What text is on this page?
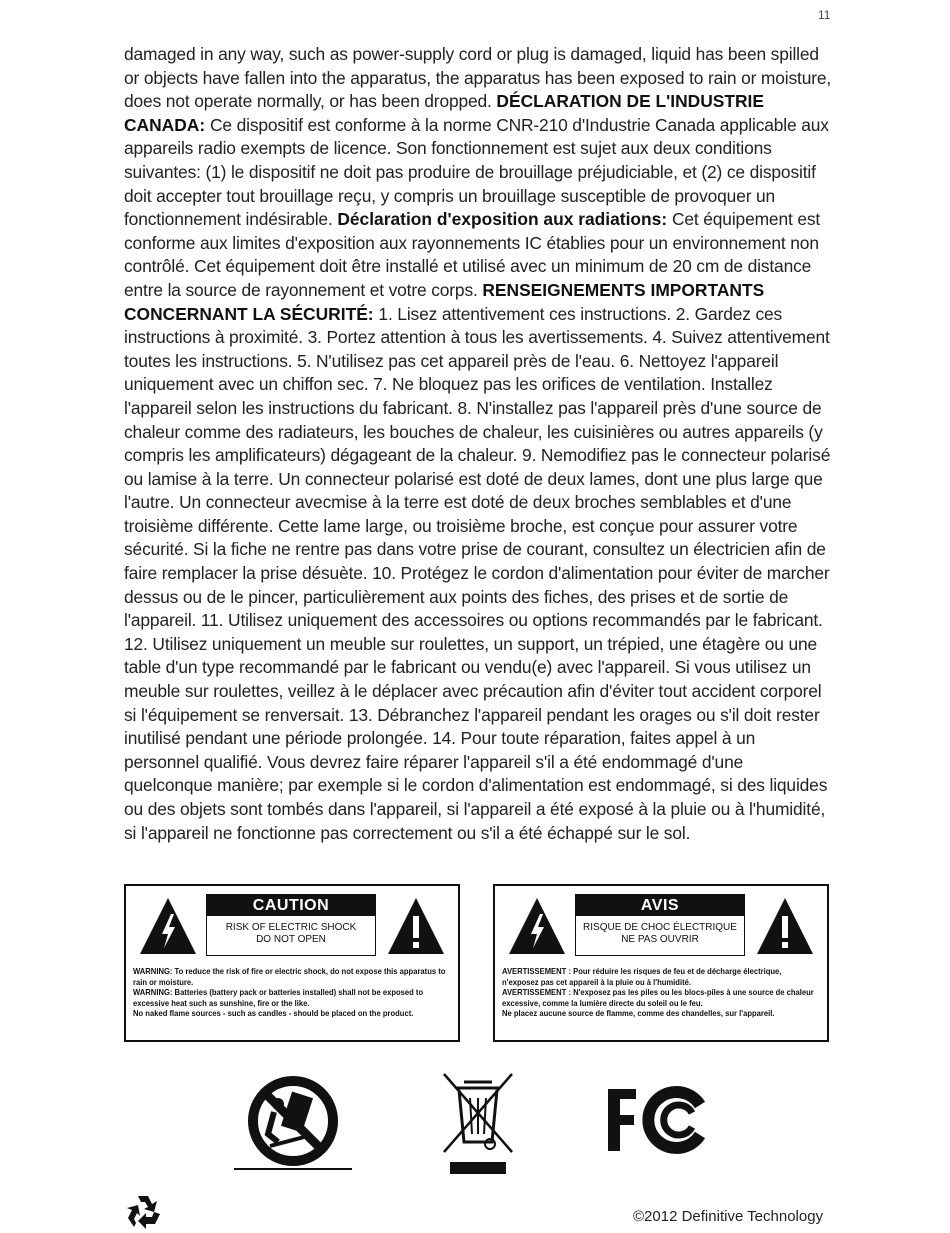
11
damaged in any way, such as power-supply cord or plug is damaged, liquid has been spilled or objects have fallen into the apparatus, the apparatus has been exposed to rain or moisture, does not operate normally, or has been dropped. DÉCLARATION DE L'INDUSTRIE CANADA: Ce dispositif est conforme à la norme CNR-210 d'Industrie Canada applicable aux appareils radio exempts de licence. Son fonctionnement est sujet aux deux conditions suivantes: (1) le dispositif ne doit pas produire de brouillage préjudiciable, et (2) ce dispositif doit accepter tout brouillage reçu, y compris un brouillage susceptible de provoquer un fonctionnement indésirable. Déclaration d'exposition aux radiations: Cet équipement est conforme aux limites d'exposition aux rayonnements IC établies pour un environnement non contrôlé. Cet équipement doit être installé et utilisé avec un minimum de 20 cm de distance entre la source de rayonnement et votre corps. RENSEIGNEMENTS IMPORTANTS CONCERNANT LA SÉCURITÉ: 1. Lisez attentivement ces instructions. 2. Gardez ces instructions à proximité. 3. Portez attention à tous les avertissements. 4. Suivez attentivement toutes les instructions. 5. N'utilisez pas cet appareil près de l'eau. 6. Nettoyez l'appareil uniquement avec un chiffon sec. 7. Ne bloquez pas les orifices de ventilation. Installez l'appareil selon les instructions du fabricant. 8. N'installez pas l'appareil près d'une source de chaleur comme des radiateurs, les bouches de chaleur, les cuisinières ou autres appareils (y compris les amplificateurs) dégageant de la chaleur. 9. Nemodifiez pas le connecteur polarisé ou lamise à la terre. Un connecteur polarisé est doté de deux lames, dont une plus large que l'autre. Un connecteur avecmise à la terre est doté de deux broches semblables et d'une troisième différente. Cette lame large, ou troisième broche, est conçue pour assurer votre sécurité. Si la fiche ne rentre pas dans votre prise de courant, consultez un électricien afin de faire remplacer la prise désuète. 10. Protégez le cordon d'alimentation pour éviter de marcher dessus ou de le pincer, particulièrement aux points des fiches, des prises et de sortie de l'appareil. 11. Utilisez uniquement des accessoires ou options recommandés par le fabricant. 12. Utilisez uniquement un meuble sur roulettes, un support, un trépied, une étagère ou une table d'un type recommandé par le fabricant ou vendu(e) avec l'appareil. Si vous utilisez un meuble sur roulettes, veillez à le déplacer avec précaution afin d'éviter tout accident corporel si l'équipement se renversait. 13. Débranchez l'appareil pendant les orages ou s'il doit rester inutilisé pendant une période prolongée. 14. Pour toute réparation, faites appel à un personnel qualifié. Vous devrez faire réparer l'appareil s'il a été endommagé d'une quelconque manière; par exemple si le cordon d'alimentation est endommagé, si des liquides ou des objets sont tombés dans l'appareil, si l'appareil a été exposé à la pluie ou à l'humidité, si l'appareil ne fonctionne pas correctement ou s'il a été échappé sur le sol.
CAUTION
RISK OF ELECTRIC SHOCK
DO NOT OPEN
WARNING: To reduce the risk of fire or electric shock, do not expose this apparatus to rain or moisture.
WARNING: Batteries (battery pack or batteries installed) shall not be exposed to excessive heat such as sunshine, fire or the like.
No naked flame sources - such as candles - should be placed on the product.
AVIS
RISQUE DE CHOC ÉLECTRIQUE
NE PAS OUVRIR
AVERTISSEMENT : Pour réduire les risques de feu et de décharge électrique, n'exposez pas cet appareil à la pluie ou à l'humidité.
AVERTISSEMENT : N'exposez pas les piles ou les blocs-piles à une source de chaleur excessive, comme la lumière directe du soleil ou le feu.
Ne placez aucune source de flamme, comme des chandelles, sur l'appareil.
©2012 Definitive Technology
